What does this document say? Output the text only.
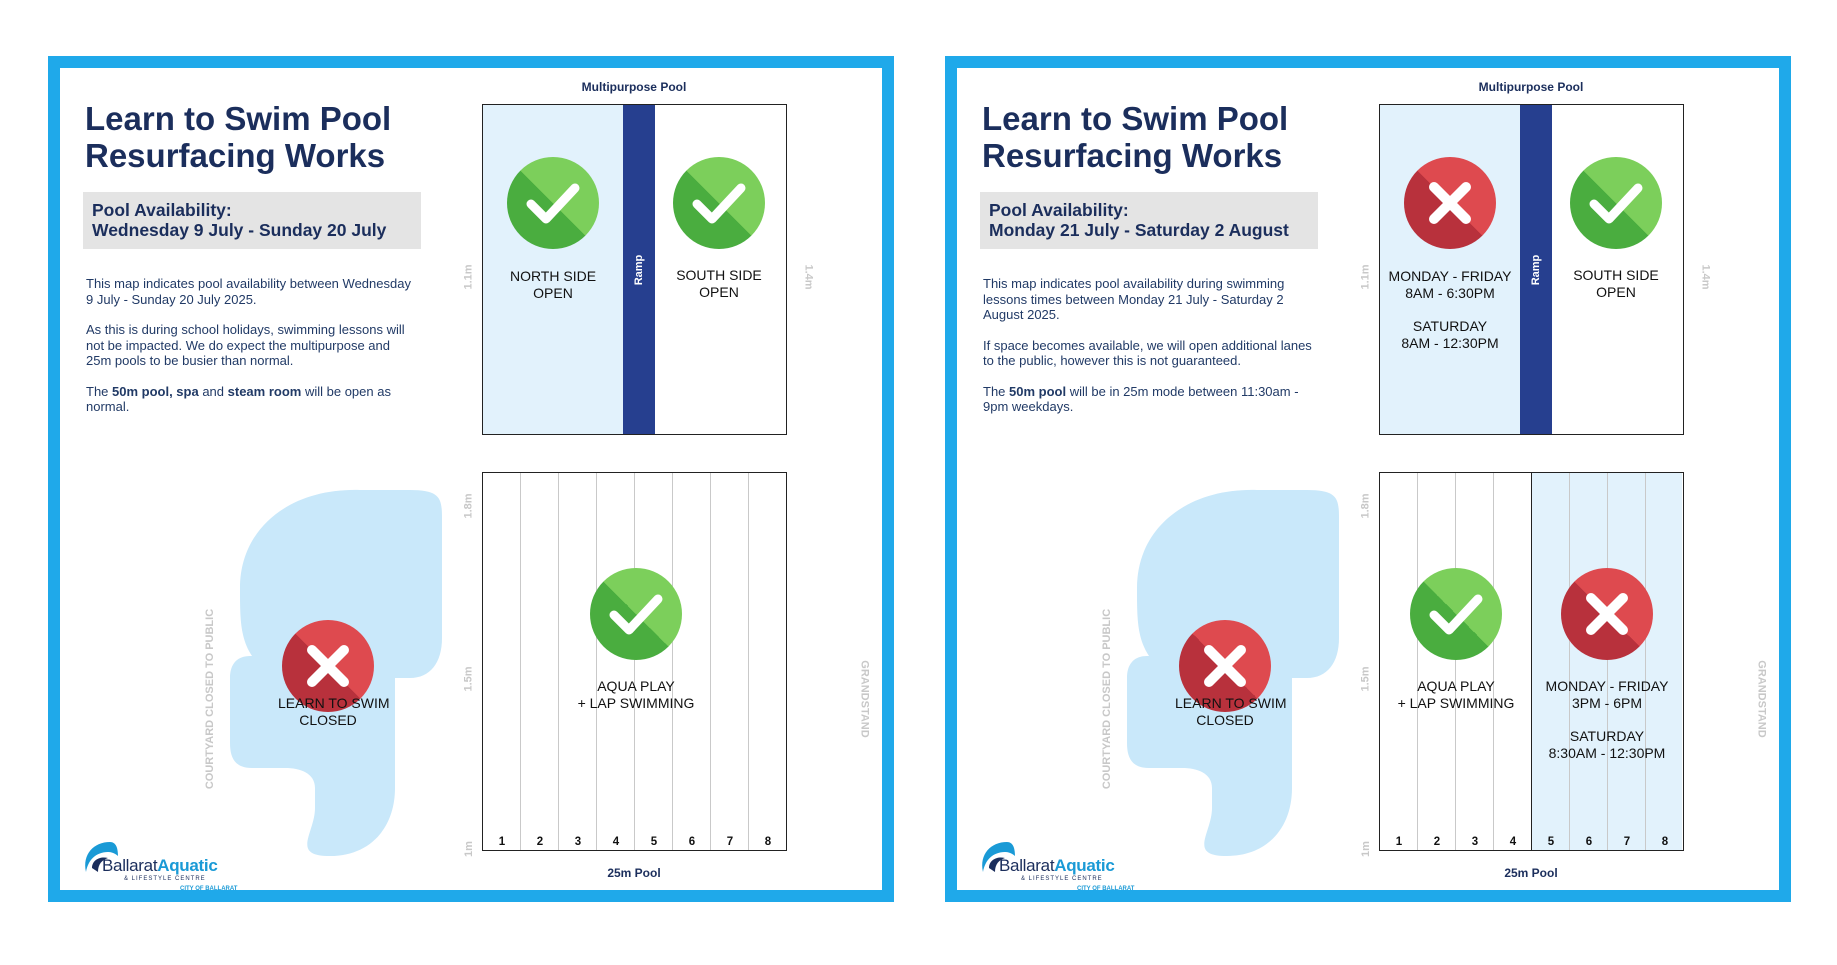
Learn to Swim Pool
Resurfacing Works
Pool Availability:
Wednesday 9 July - Sunday 20 July

This map indicates pool availability between Wednesday 9 July - Sunday 20 July 2025.

As this is during school holidays, swimming lessons will not be impacted. We do expect the multipurpose and 25m pools to be busier than normal.

The 50m pool, spa and steam room will be open as normal.

Multipurpose Pool
Ramp
NORTH SIDE
OPEN
SOUTH SIDE
OPEN
1.1m	1.4m
LEARN TO SWIM
CLOSED
COURTYARD CLOSED TO PUBLIC	GRANDSTAND
1	2	3	4	5	6	7	8
AQUA PLAY
+ LAP SWIMMING
1.8m
1.5m
1m
25m Pool
BallaratAquatic
& LIFESTYLE CENTRE
CITY OF BALLARAT
Learn to Swim Pool
Resurfacing Works
Pool Availability:
Monday 21 July - Saturday 2 August

This map indicates pool availability during swimming lessons times between Monday 21 July - Saturday 2 August 2025.

If space becomes available, we will open additional lanes to the public, however this is not guaranteed.

The 50m pool will be in 25m mode between 11:30am - 9pm weekdays.

Multipurpose Pool
Ramp
MONDAY - FRIDAY
8AM - 6:30PM
SATURDAY
8AM - 12:30PM
SOUTH SIDE
OPEN
1.1m	1.4m
LEARN TO SWIM
CLOSED
COURTYARD CLOSED TO PUBLIC	GRANDSTAND
1	2	3	4	5	6	7	8
AQUA PLAY
+ LAP SWIMMING
MONDAY - FRIDAY
3PM - 6PM
SATURDAY
8:30AM - 12:30PM
1.8m
1.5m
1m
25m Pool
BallaratAquatic
& LIFESTYLE CENTRE
CITY OF BALLARAT
